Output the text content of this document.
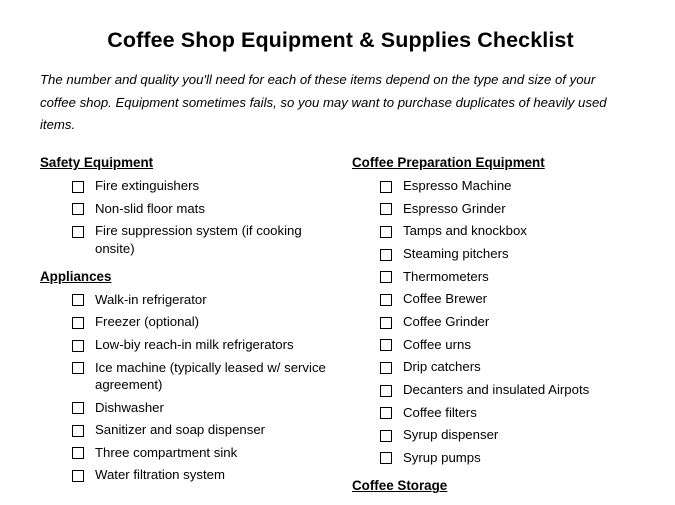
Coffee Shop Equipment & Supplies Checklist

The number and quality you'll need for each of these items depend on the type and size of your coffee shop. Equipment sometimes fails, so you may want to purchase duplicates of heavily used items.

Safety Equipment
Fire extinguishers
Non-slid floor mats
Fire suppression system (if cooking onsite)
Appliances
Walk-in refrigerator
Freezer (optional)
Low-biy reach-in milk refrigerators
Ice machine (typically leased w/ service agreement)
Dishwasher
Sanitizer and soap dispenser
Three compartment sink
Water filtration system
Coffee Preparation Equipment
Espresso Machine
Espresso Grinder
Tamps and knockbox
Steaming pitchers
Thermometers
Coffee Brewer
Coffee Grinder
Coffee urns
Drip catchers
Decanters and insulated Airpots
Coffee filters
Syrup dispenser
Syrup pumps
Coffee Storage
